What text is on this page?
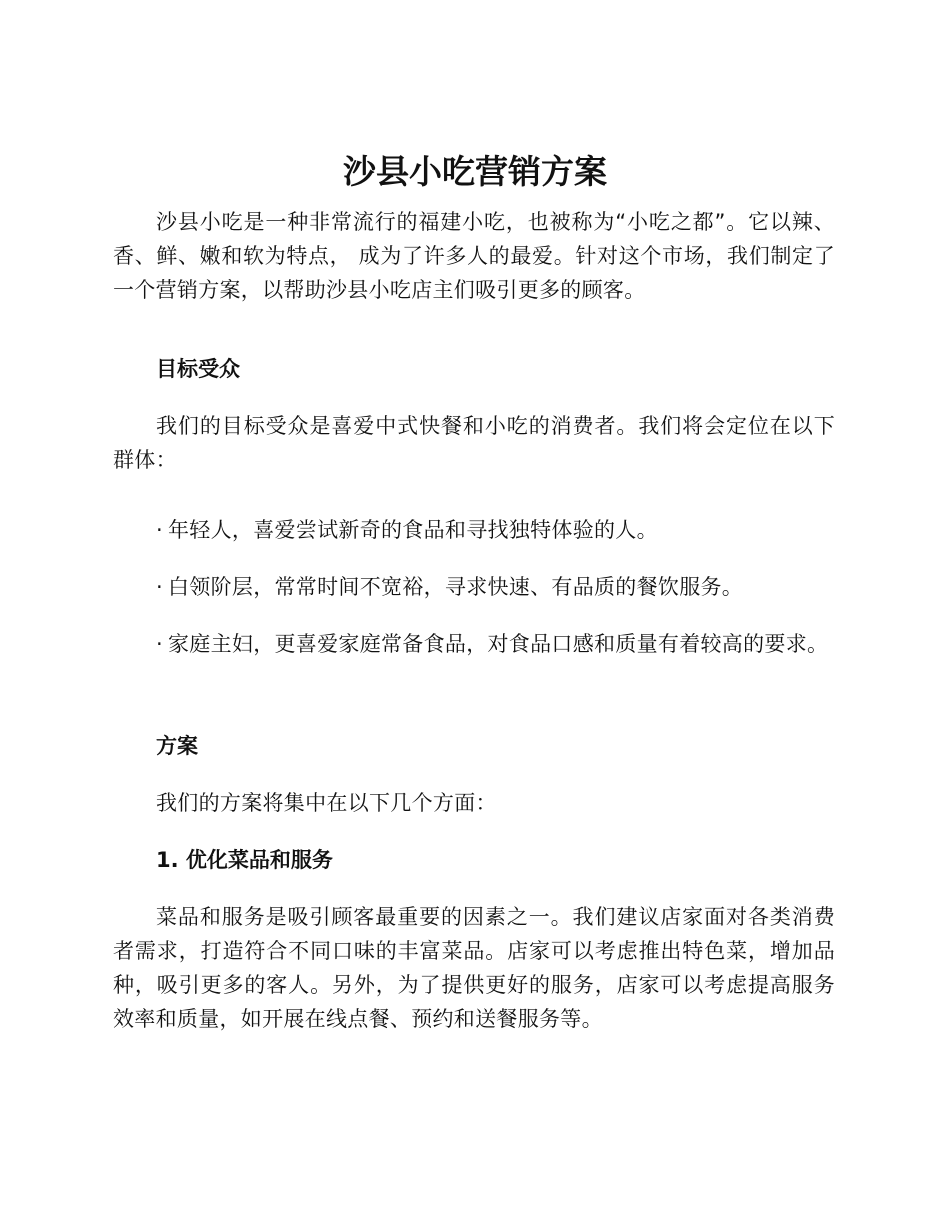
沙县小吃营销方案

沙县小吃是一种非常流行的福建小吃，也被称为“小吃之都”。它以辣、香、鲜、嫩和软为特点， 成为了许多人的最爱。针对这个市场，我们制定了一个营销方案，以帮助沙县小吃店主们吸引更多的顾客。

目标受众

我们的目标受众是喜爱中式快餐和小吃的消费者。我们将会定位在以下群体：

· 年轻人，喜爱尝试新奇的食品和寻找独特体验的人。

· 白领阶层，常常时间不宽裕，寻求快速、有品质的餐饮服务。

· 家庭主妇，更喜爱家庭常备食品，对食品口感和质量有着较高的要求。

方案

我们的方案将集中在以下几个方面：

1. 优化菜品和服务

菜品和服务是吸引顾客最重要的因素之一。我们建议店家面对各类消费者需求，打造符合不同口味的丰富菜品。店家可以考虑推出特色菜，增加品种，吸引更多的客人。另外，为了提供更好的服务，店家可以考虑提高服务效率和质量，如开展在线点餐、预约和送餐服务等。
